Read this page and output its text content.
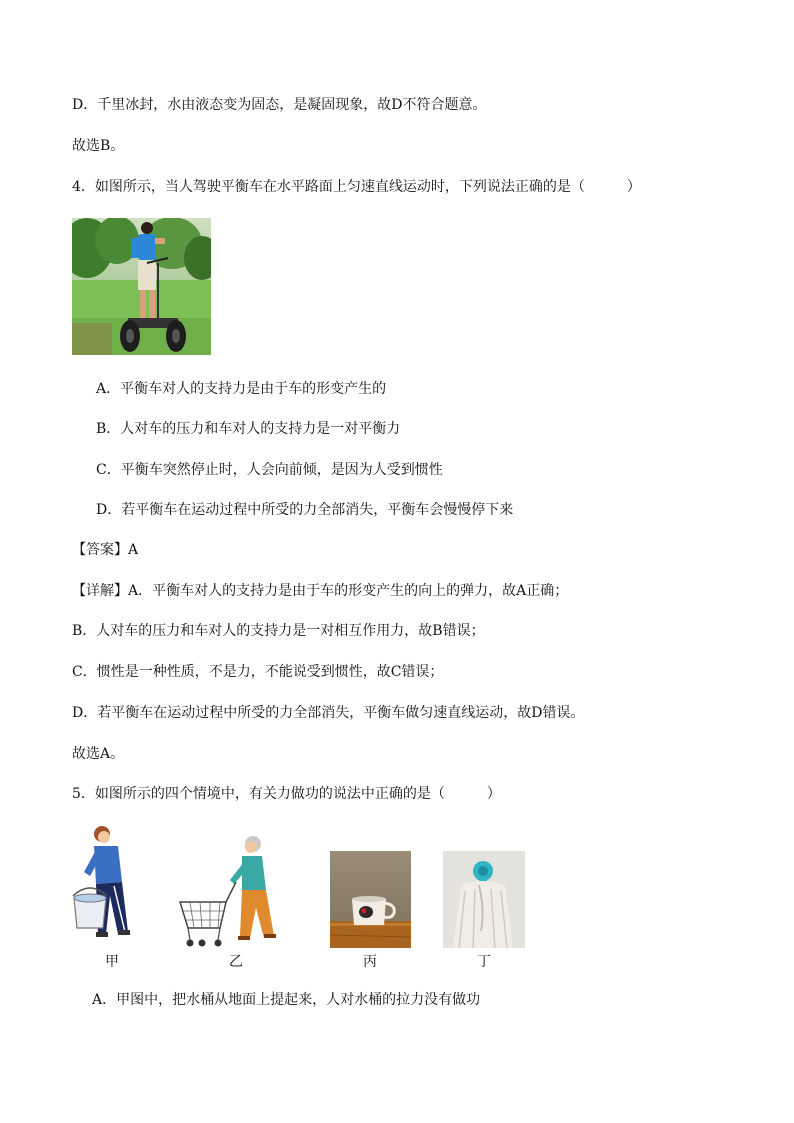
D．千里冰封，水由液态变为固态，是凝固现象，故D不符合题意。
故选B。
4．如图所示，当人驾驶平衡车在水平路面上匀速直线运动时，下列说法正确的是（　　　）
A．平衡车对人的支持力是由于车的形变产生的
B．人对车的压力和车对人的支持力是一对平衡力
C．平衡车突然停止时，人会向前倾，是因为人受到惯性
D．若平衡车在运动过程中所受的力全部消失，平衡车会慢慢停下来
【答案】A
【详解】A．平衡车对人的支持力是由于车的形变产生的向上的弹力，故A正确；
B．人对车的压力和车对人的支持力是一对相互作用力，故B错误；
C．惯性是一种性质，不是力，不能说受到惯性，故C错误；
D．若平衡车在运动过程中所受的力全部消失，平衡车做匀速直线运动，故D错误。
故选A。
5．如图所示的四个情境中，有关力做功的说法中正确的是（　　　）
甲	乙	丙	丁
A．甲图中，把水桶从地面上提起来，人对水桶的拉力没有做功
